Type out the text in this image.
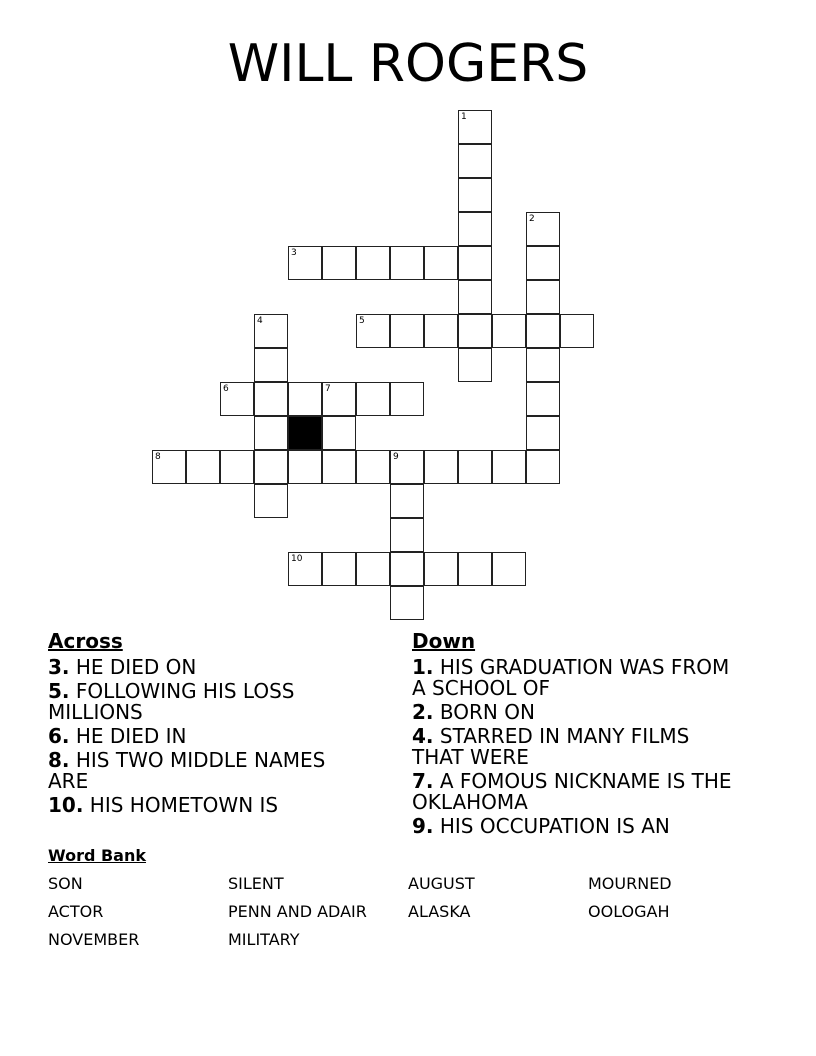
WILL ROGERS
1
2
3
4	5
6	7
8	9
10
Across
3. HE DIED ON
5. FOLLOWING HIS LOSS MILLIONS
6. HE DIED IN
8. HIS TWO MIDDLE NAMES ARE
10. HIS HOMETOWN IS
Down
1. HIS GRADUATION WAS FROM A SCHOOL OF
2. BORN ON
4. STARRED IN MANY FILMS THAT WERE
7. A FOMOUS NICKNAME IS THE OKLAHOMA
9. HIS OCCUPATION IS AN
Word Bank
SON	SILENT	AUGUST	MOURNED
ACTOR	PENN AND ADAIR	ALASKA	OOLOGAH
NOVEMBER	MILITARY
